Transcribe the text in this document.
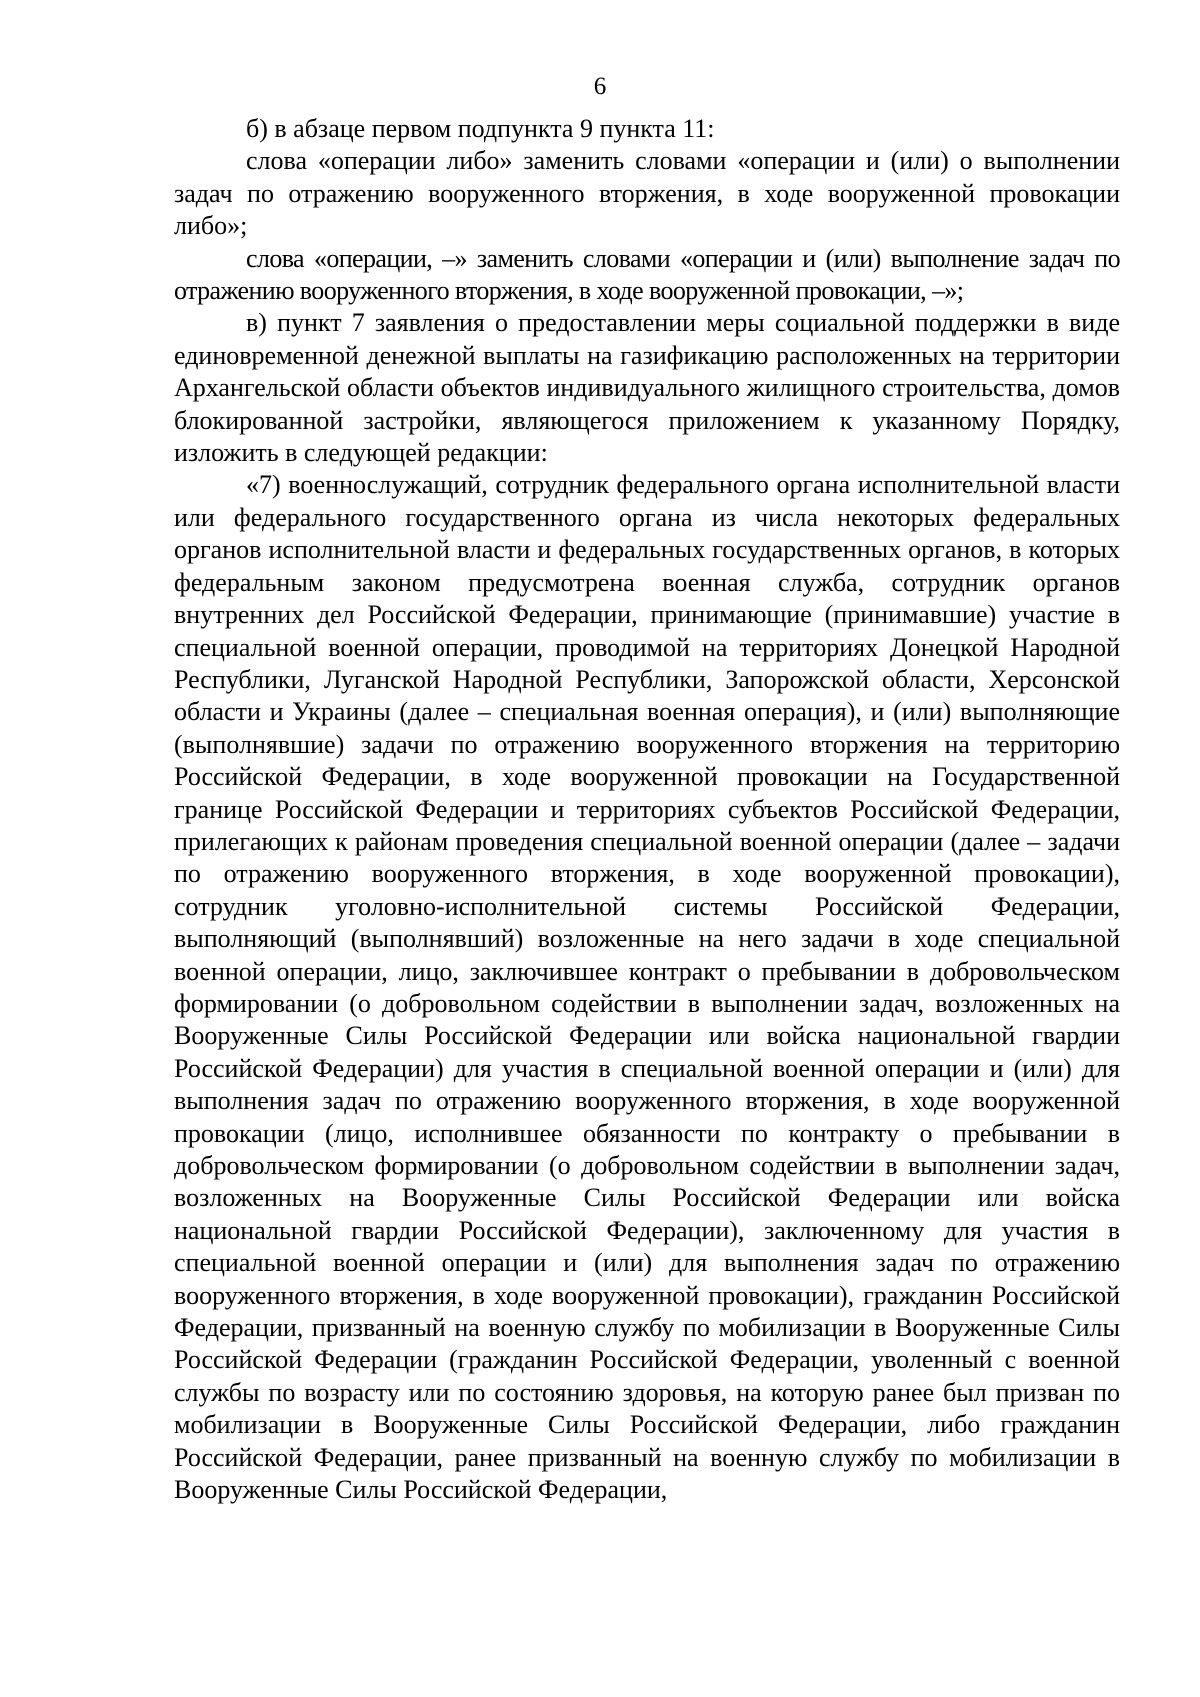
6

б) в абзаце первом подпункта 9 пункта 11:

слова «операции либо» заменить словами «операции и (или) о выполнении задач по отражению вооруженного вторжения, в ходе вооруженной провокации либо»;

слова «операции, –» заменить словами «операции и (или) выполнение задач по отражению вооруженного вторжения, в ходе вооруженной провокации, –»;

в) пункт 7 заявления о предоставлении меры социальной поддержки в виде единовременной денежной выплаты на газификацию расположенных на территории Архангельской области объектов индивидуального жилищного строительства, домов блокированной застройки, являющегося приложением к указанному Порядку, изложить в следующей редакции:

«7) военнослужащий, сотрудник федерального органа исполнительной власти или федерального государственного органа из числа некоторых федеральных органов исполнительной власти и федеральных государственных органов, в которых федеральным законом предусмотрена военная служба, сотрудник органов внутренних дел Российской Федерации, принимающие (принимавшие) участие в специальной военной операции, проводимой на территориях Донецкой Народной Республики, Луганской Народной Республики, Запорожской области, Херсонской области и Украины (далее – специальная военная операция), и (или) выполняющие (выполнявшие) задачи по отражению вооруженного вторжения на территорию Российской Федерации, в ходе вооруженной провокации на Государственной границе Российской Федерации и территориях субъектов Российской Федерации, прилегающих к районам проведения специальной военной операции (далее – задачи по отражению вооруженного вторжения, в ходе вооруженной провокации), сотрудник уголовно-исполнительной системы Российской Федерации, выполняющий (выполнявший) возложенные на него задачи в ходе специальной военной операции, лицо, заключившее контракт о пребывании в добровольческом формировании (о добровольном содействии в выполнении задач, возложенных на Вооруженные Силы Российской Федерации или войска национальной гвардии Российской Федерации) для участия в специальной военной операции и (или) для выполнения задач по отражению вооруженного вторжения, в ходе вооруженной провокации (лицо, исполнившее обязанности по контракту о пребывании в добровольческом формировании (о добровольном содействии в выполнении задач, возложенных на Вооруженные Силы Российской Федерации или войска национальной гвардии Российской Федерации), заключенному для участия в специальной военной операции и (или) для выполнения задач по отражению вооруженного вторжения, в ходе вооруженной провокации), гражданин Российской Федерации, призванный на военную службу по мобилизации в Вооруженные Силы Российской Федерации (гражданин Российской Федерации, уволенный с военной службы по возрасту или по состоянию здоровья, на которую ранее был призван по мобилизации в Вооруженные Силы Российской Федерации, либо гражданин Российской Федерации, ранее призванный на военную службу по мобилизации в Вооруженные Силы Российской Федерации,
